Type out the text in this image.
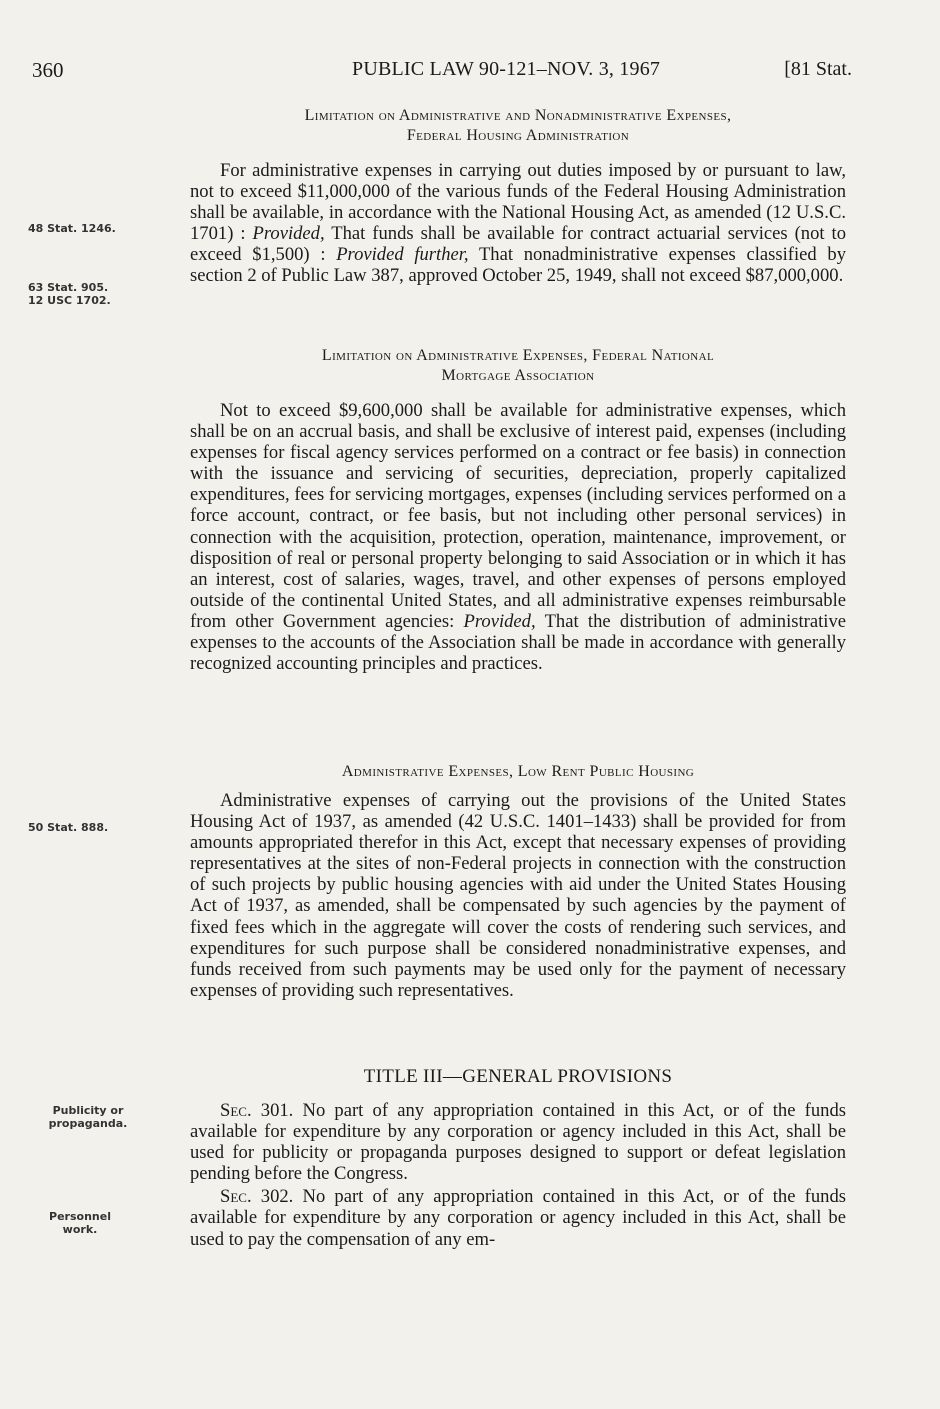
360	PUBLIC LAW 90-121–NOV. 3, 1967	[81 Stat.
48 Stat. 1246.
63 Stat. 905.
12 USC 1702.
50 Stat. 888.
Publicity or
propaganda.
Personnel
work.
Limitation on Administrative and Nonadministrative Expenses,
Federal Housing Administration

For administrative expenses in carrying out duties imposed by or pursuant to law, not to exceed $11,000,000 of the various funds of the Federal Housing Administration shall be available, in accordance with the National Housing Act, as amended (12 U.S.C. 1701) : Provided, That funds shall be available for contract actuarial services (not to exceed $1,500) : Provided further, That nonadministrative expenses classified by section 2 of Public Law 387, approved October 25, 1949, shall not exceed $87,000,000.

Limitation on Administrative Expenses, Federal National
Mortgage Association

Not to exceed $9,600,000 shall be available for administrative expenses, which shall be on an accrual basis, and shall be exclusive of interest paid, expenses (including expenses for fiscal agency services performed on a contract or fee basis) in connection with the issuance and servicing of securities, depreciation, properly capitalized expenditures, fees for servicing mortgages, expenses (including services performed on a force account, contract, or fee basis, but not including other personal services) in connection with the acquisition, protection, operation, maintenance, improvement, or disposition of real or personal property belonging to said Association or in which it has an interest, cost of salaries, wages, travel, and other expenses of persons employed outside of the continental United States, and all administrative expenses reimbursable from other Government agencies: Provided, That the distribution of administrative expenses to the accounts of the Association shall be made in accordance with generally recognized accounting principles and practices.

Administrative Expenses, Low Rent Public Housing

Administrative expenses of carrying out the provisions of the United States Housing Act of 1937, as amended (42 U.S.C. 1401–1433) shall be provided for from amounts appropriated therefor in this Act, except that necessary expenses of providing representatives at the sites of non-Federal projects in connection with the construction of such projects by public housing agencies with aid under the United States Housing Act of 1937, as amended, shall be compensated by such agencies by the payment of fixed fees which in the aggregate will cover the costs of rendering such services, and expenditures for such purpose shall be considered nonadministrative expenses, and funds received from such payments may be used only for the payment of necessary expenses of providing such representatives.

TITLE III—GENERAL PROVISIONS

Sec. 301. No part of any appropriation contained in this Act, or of the funds available for expenditure by any corporation or agency included in this Act, shall be used for publicity or propaganda purposes designed to support or defeat legislation pending before the Congress.

Sec. 302. No part of any appropriation contained in this Act, or of the funds available for expenditure by any corporation or agency included in this Act, shall be used to pay the compensation of any em-
